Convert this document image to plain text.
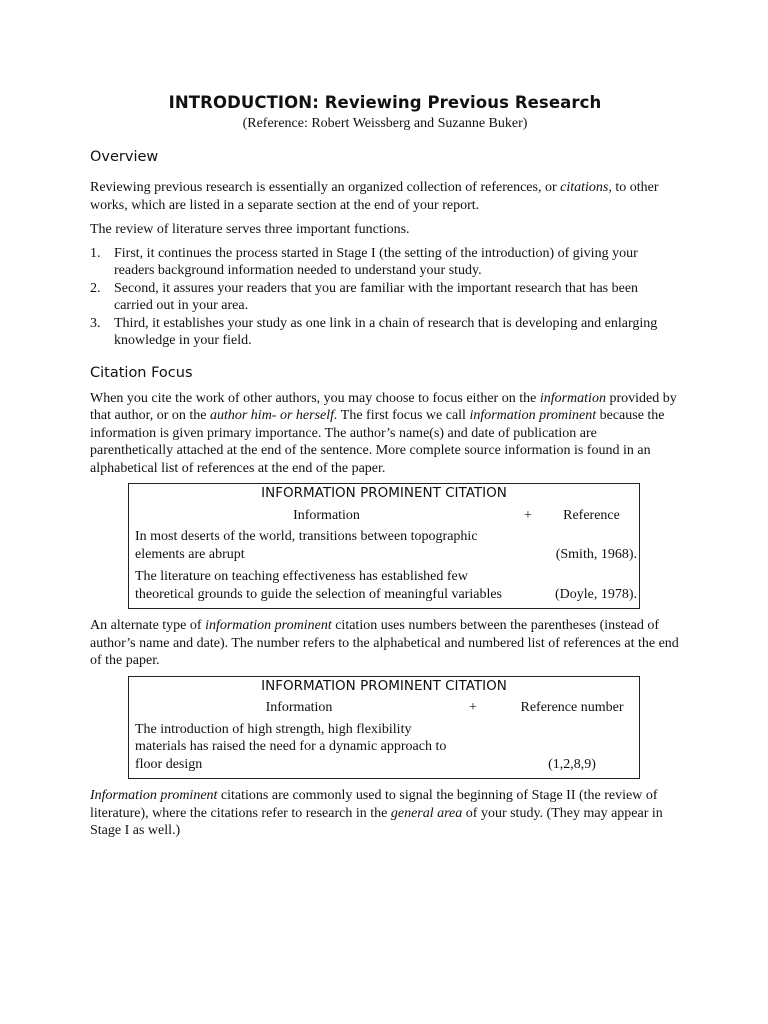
INTRODUCTION: Reviewing Previous Research
(Reference: Robert Weissberg and Suzanne Buker)
Overview

Reviewing previous research is essentially an organized collection of references, or citations, to other works, which are listed in a separate section at the end of your report.

The review of literature serves three important functions.

1. First, it continues the process started in Stage I (the setting of the introduction) of giving your readers background information needed to understand your study.
2. Second, it assures your readers that you are familiar with the important research that has been carried out in your area.
3. Third, it establishes your study as one link in a chain of research that is developing and enlarging knowledge in your field.
Citation Focus

When you cite the work of other authors, you may choose to focus either on the information provided by that author, or on the author him- or herself. The first focus we call information prominent because the information is given primary importance. The author’s name(s) and date of publication are parenthetically attached at the end of the sentence. More complete source information is found in an alphabetical list of references at the end of the paper.

INFORMATION PROMINENT CITATION		
Information	+	Reference
In most deserts of the world, transitions between topographic elements are abrupt		(Smith, 1968).
The literature on teaching effectiveness has established few theoretical grounds to guide the selection of meaningful variables		(Doyle, 1978).

An alternate type of information prominent citation uses numbers between the parentheses (instead of author’s name and date). The number refers to the alphabetical and numbered list of references at the end of the paper.

INFORMATION PROMINENT CITATION		
Information	+	Reference number
The introduction of high strength, high flexibility materials has raised the need for a dynamic approach to floor design		(1,2,8,9)

Information prominent citations are commonly used to signal the beginning of Stage II (the review of literature), where the citations refer to research in the general area of your study. (They may appear in Stage I as well.)
